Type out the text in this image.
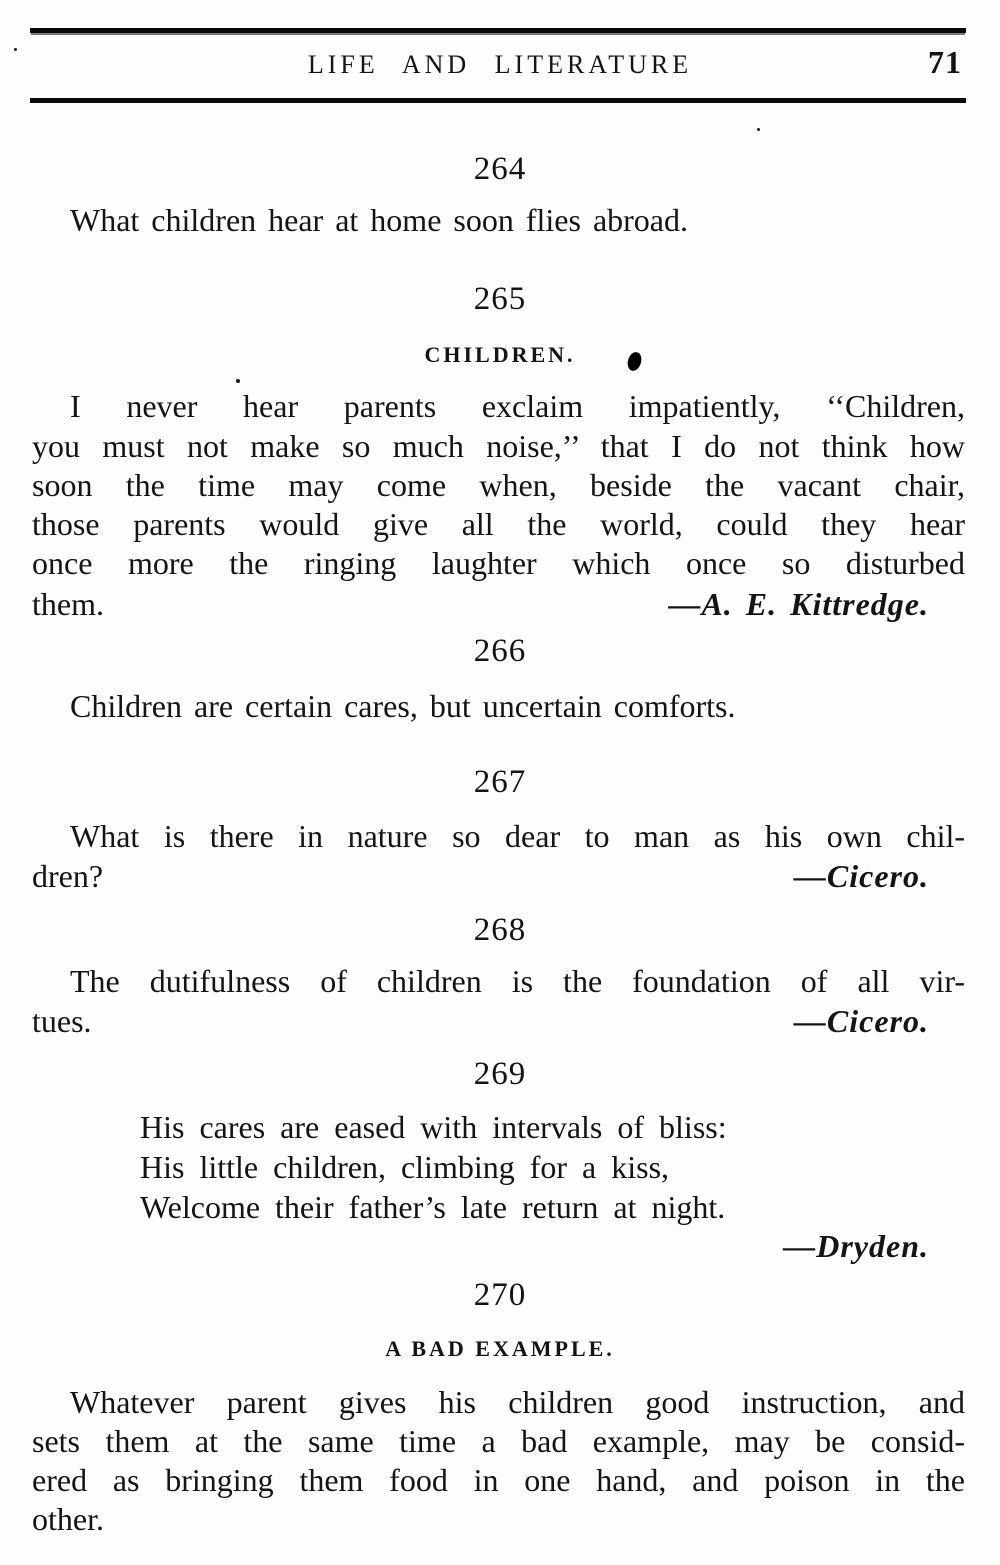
LIFE AND LITERATURE	71
264
What children hear at home soon flies abroad.
265
CHILDREN.
I never hear parents exclaim impatiently, ‘‘Children,
you must not make so much noise,’’ that I do not think how
soon the time may come when, beside the vacant chair,
those parents would give all the world, could they hear
once more the ringing laughter which once so disturbed
them.	—A. E. Kittredge.
266
Children are certain cares, but uncertain comforts.
267
What is there in nature so dear to man as his own chil-
dren?	—Cicero.
268
The dutifulness of children is the foundation of all vir-
tues.	—Cicero.
269
His cares are eased with intervals of bliss:
His little children, climbing for a kiss,
Welcome their father’s late return at night.
—Dryden.
270
A BAD EXAMPLE.
Whatever parent gives his children good instruction, and
sets them at the same time a bad example, may be consid-
ered as bringing them food in one hand, and poison in the
other.
